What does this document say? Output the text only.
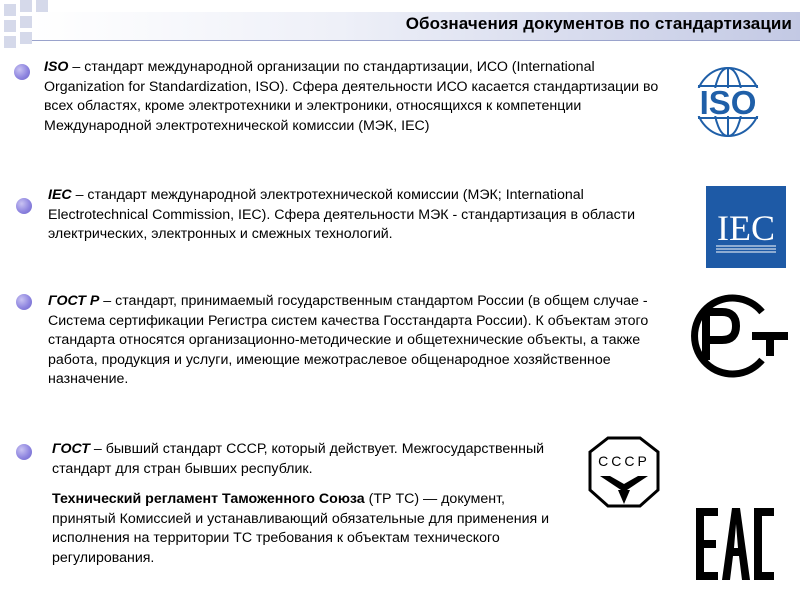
Обозначения документов по стандартизации

ISO – стандарт международной организации по стандартизации, ИСО (International Organization for Standardization, ISO). Сфера деятельности ИСО касается стандартизации во всех областях, кроме электротехники и электроники, относящихся к компетенции Международной электротехнической комиссии (МЭК, IEC)

IEC – стандарт международной электротехнической комиссии (МЭК; International Electrotechnical Commission, IEC). Сфера деятельности МЭК - стандартизация в области электрических, электронных и смежных технологий.

ГОСТ Р – стандарт, принимаемый государственным стандартом России (в общем случае - Система сертификации Регистра систем качества Госстандарта России). К объектам этого стандарта относятся организационно-методические и общетехнические объекты, а также работа, продукция и услуги, имеющие межотраслевое общенародное хозяйственное назначение.

ГОСТ – бывший стандарт СССР, который действует. Межгосударственный стандарт для стран бывших республик.

Технический регламент Таможенного Союза (ТР ТС) — документ, принятый Комиссией и устанавливающий обязательные для применения и исполнения на территории ТС требования к объектам технического регулирования.

ISO
IEC
РСТ
СССР
EAC
